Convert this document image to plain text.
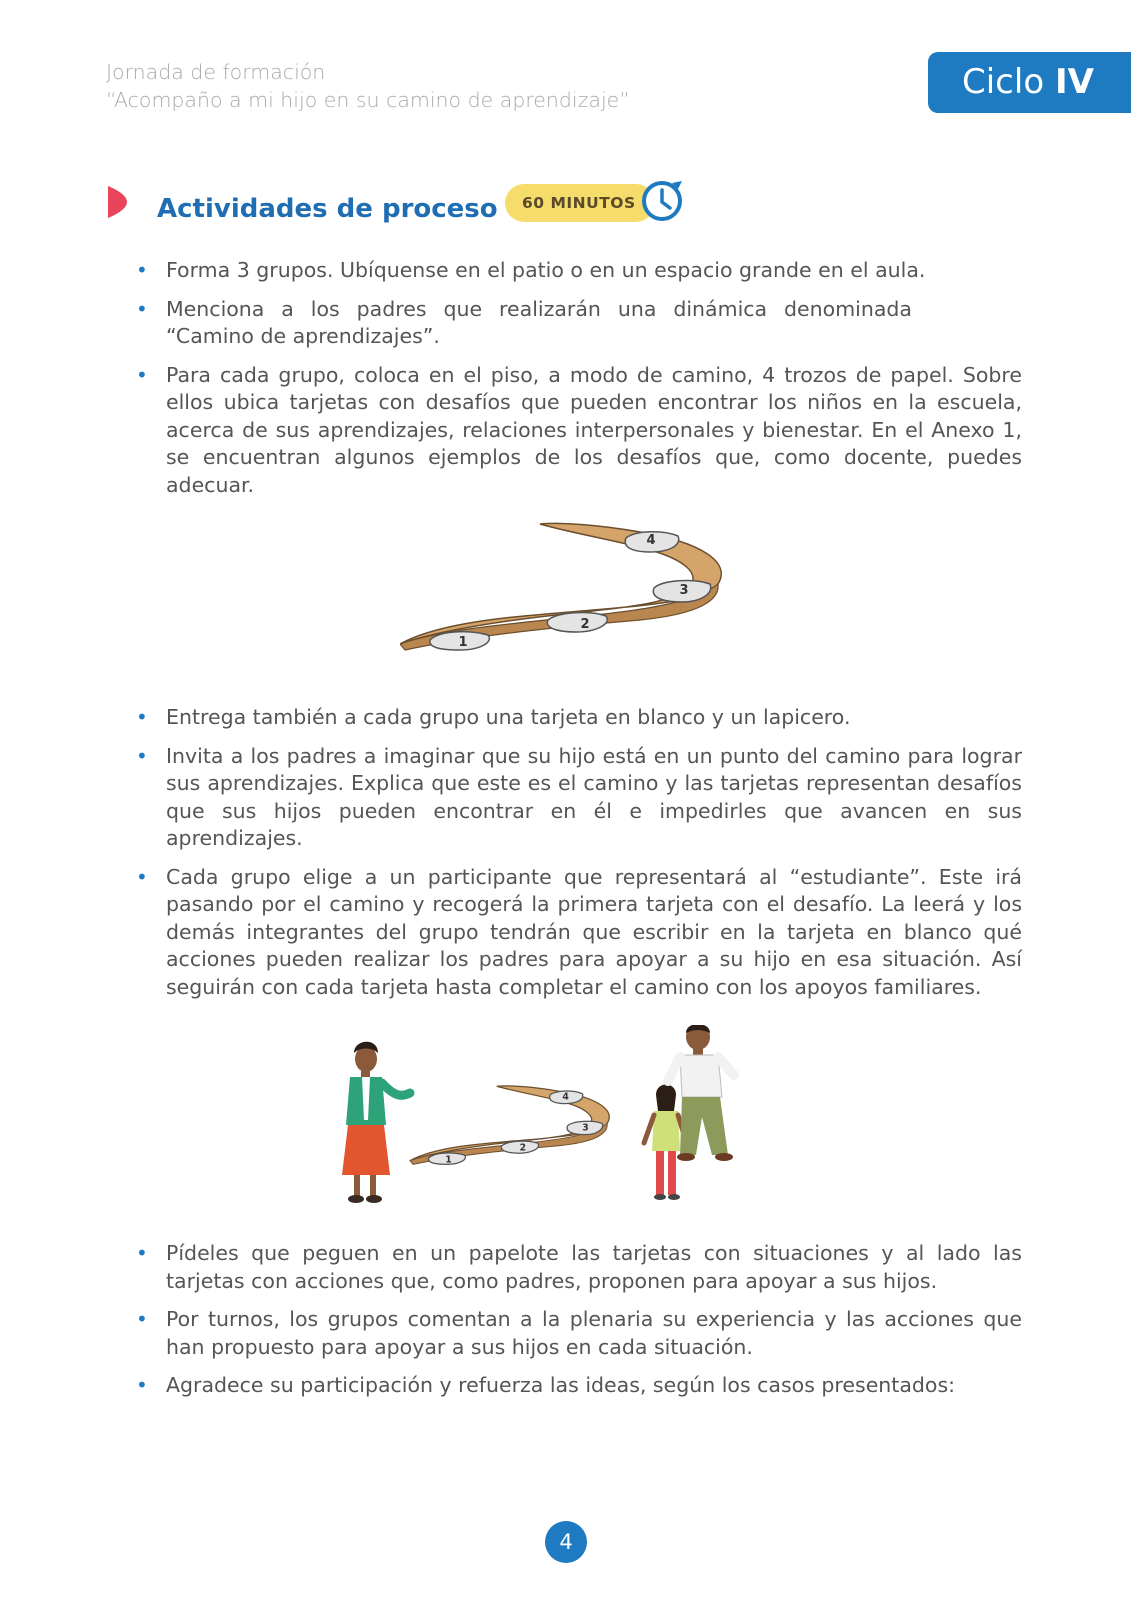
Jornada de formación
“Acompaño a mi hijo en su camino de aprendizaje”	Ciclo IV
Actividades de proceso	60 MINUTOS
• Forma 3 grupos. Ubíquense en el patio o en un espacio grande en el aula.
• Menciona a los padres que realizarán una dinámica denominada “Camino de aprendizajes”.
• Para cada grupo, coloca en el piso, a modo de camino, 4 trozos de papel. Sobre ellos ubica tarjetas con desafíos que pueden encontrar los niños en la escuela, acerca de sus aprendizajes, relaciones interpersonales y bienestar. En el Anexo 1, se encuentran algunos ejemplos de los desafíos que, como docente, puedes adecuar.
1
2
3
4
• Entrega también a cada grupo una tarjeta en blanco y un lapicero.
• Invita a los padres a imaginar que su hijo está en un punto del camino para lograr sus aprendizajes. Explica que este es el camino y las tarjetas representan desafíos que sus hijos pueden encontrar en él e impedirles que avancen en sus aprendizajes.
• Cada grupo elige a un participante que representará al “estudiante”. Este irá pasando por el camino y recogerá la primera tarjeta con el desafío. La leerá y los demás integrantes del grupo tendrán que escribir en la tarjeta en blanco qué acciones pueden realizar los padres para apoyar a su hijo en esa situación. Así seguirán con cada tarjeta hasta completar el camino con los apoyos familiares.
1
2
3
4
• Pídeles que peguen en un papelote las tarjetas con situaciones y al lado las tarjetas con acciones que, como padres, proponen para apoyar a sus hijos.
• Por turnos, los grupos comentan a la plenaria su experiencia y las acciones que han propuesto para apoyar a sus hijos en cada situación.
• Agradece su participación y refuerza las ideas, según los casos presentados:
4
